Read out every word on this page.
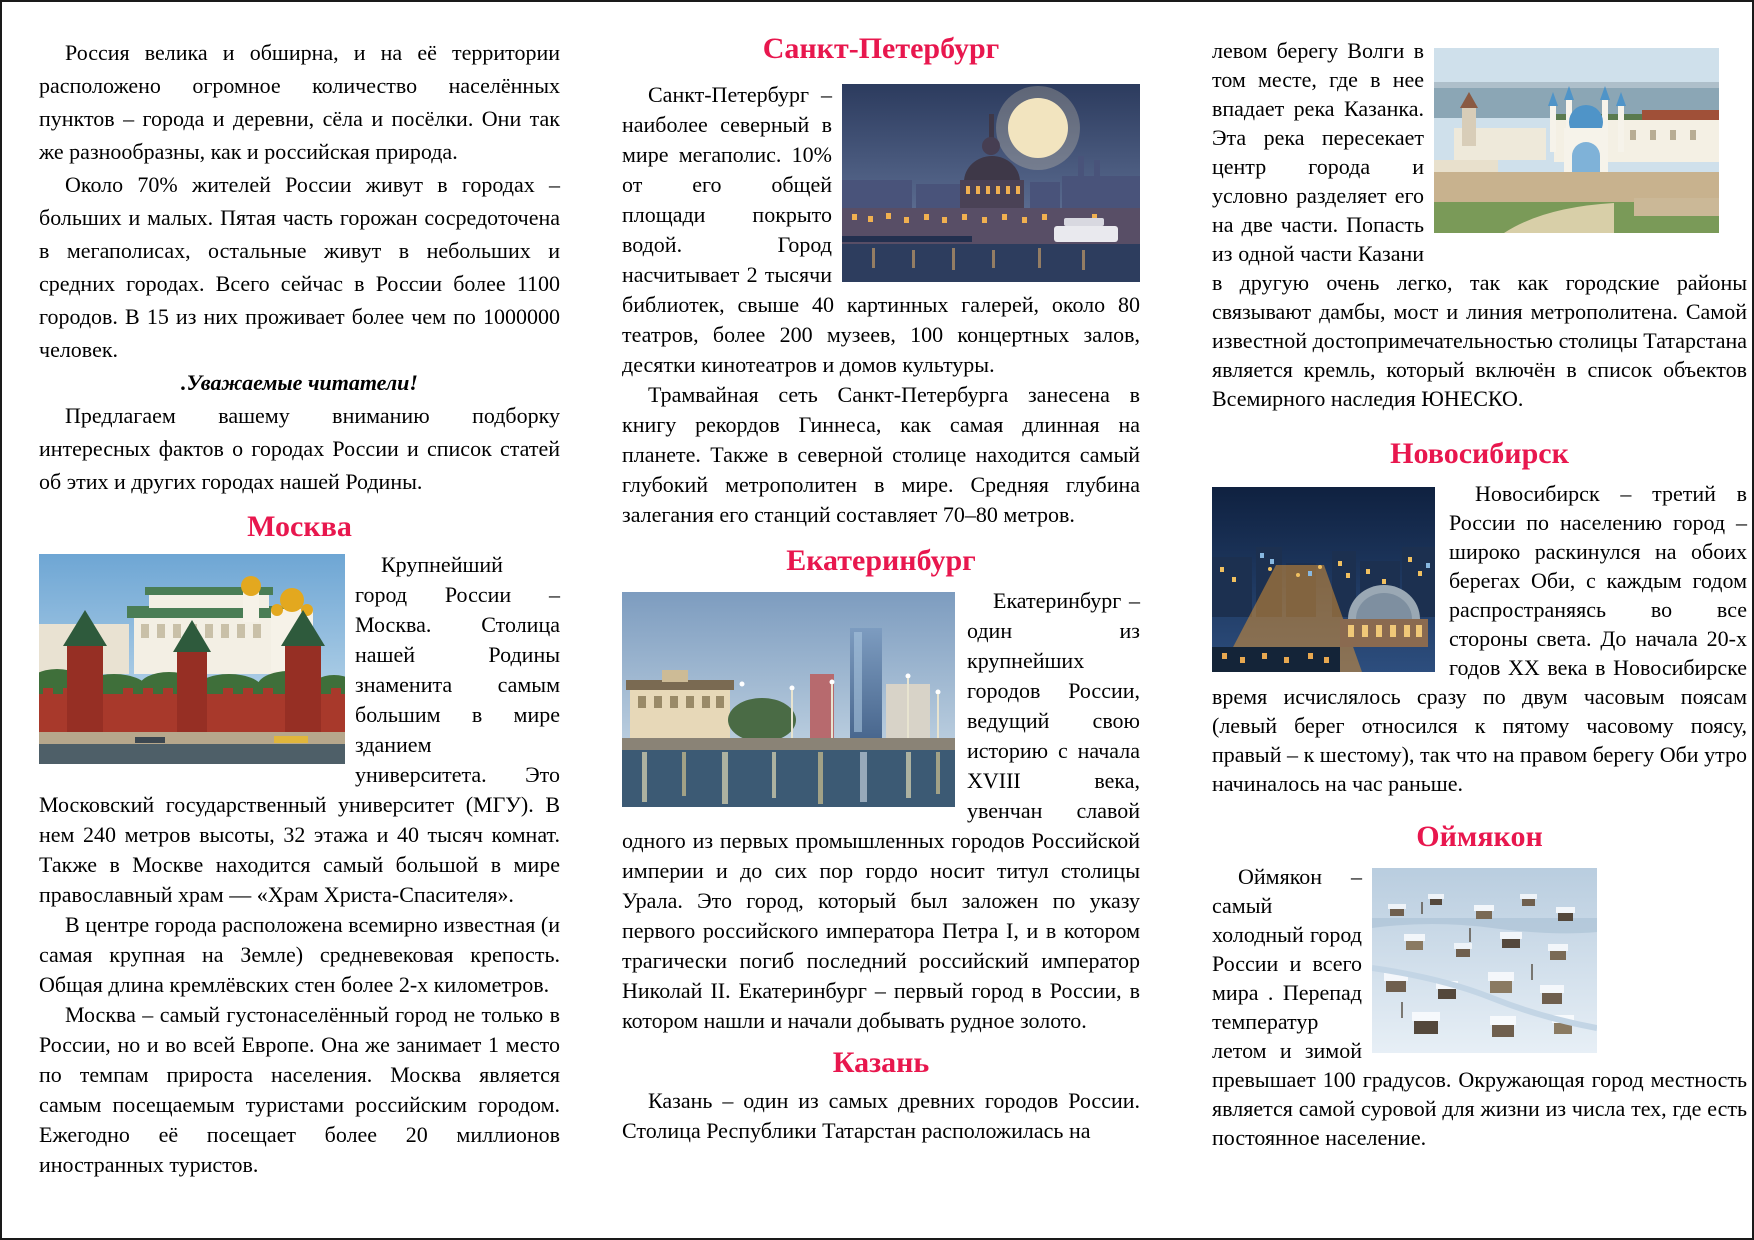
Россия велика и обширна, и на её территории расположено огромное количество населённых пунктов – города и деревни, сёла и посёлки. Они так же разнообразны, как и российская природа.

Около 70% жителей России живут в городах – больших и малых. Пятая часть горожан сосредоточена в мегаполисах, остальные живут в небольших и средних городах. Всего сейчас в России более 1100 городов. В 15 из них проживает более чем по 1000000 человек.

.Уважаемые читатели!

Предлагаем вашему вниманию подборку интересных фактов о городах России и список статей об этих и других городах нашей Родины.

Москва

Крупнейший город России – Москва. Столица нашей Родины знаменита самым большим в мире зданием университета. Это Московский государственный университет (МГУ). В нем 240 метров высоты, 32 этажа и 40 тысяч комнат. Также в Москве находится самый большой в мире православный храм — «Храм Христа-Спасителя».

В центре города расположена всемирно известная (и самая крупная на Земле) средневековая крепость. Общая длина кремлёвских стен более 2-х километров.

Москва – самый густонаселённый город не только в России, но и во всей Европе. Она же занимает 1 место по темпам прироста населения. Москва является самым посещаемым туристами российским городом. Ежегодно её посещает более 20 миллионов иностранных туристов.

Санкт-Петербург

Санкт-Петербург – наиболее северный в мире мегаполис. 10% от его общей площади покрыто водой. Город насчитывает 2 тысячи библиотек, свыше 40 картинных галерей, около 80 театров, более 200 музеев, 100 концертных залов, десятки кинотеатров и домов культуры.

Трамвайная сеть Санкт-Петербурга занесена в книгу рекордов Гиннеса, как самая длинная на планете. Также в северной столице находится самый глубокий метрополитен в мире. Средняя глубина залегания его станций составляет 70–80 метров.

Екатеринбург

Екатеринбург – один из крупнейших городов России, ведущий свою историю с начала XVIII века, увенчан славой одного из первых промышленных городов Российской империи и до сих пор гордо носит титул столицы Урала. Это город, который был заложен по указу первого российского императора Петра I, и в котором трагически погиб последний российский император Николай II. Екатеринбург – первый город в России, в котором нашли и начали добывать рудное золото.

Казань

Казань – один из самых древних городов России. Столица Республики Татарстан расположилась на

левом берегу Волги в том месте, где в нее впадает река Казанка. Эта река пересекает центр города и условно разделяет его на две части. Попасть из одной части Казани в другую очень легко, так как городские районы связывают дамбы, мост и линия метрополитена. Самой известной достопримечательностью столицы Татарстана является кремль, который включён в список объектов Всемирного наследия ЮНЕСКО.

Новосибирск

Новосибирск – третий в России по населению город – широко раскинулся на обоих берегах Оби, с каждым годом распространяясь во все стороны света. До начала 20-х годов XX века в Новосибирске время исчислялось сразу по двум часовым поясам (левый берег относился к пятому часовому поясу, правый – к шестому), так что на правом берегу Оби утро начиналось на час раньше.

Оймякон

Оймякон – самый холодный город России и всего мира . Перепад температур летом и зимой превышает 100 градусов. Окружающая город местность является самой суровой для жизни из числа тех, где есть постоянное население.
